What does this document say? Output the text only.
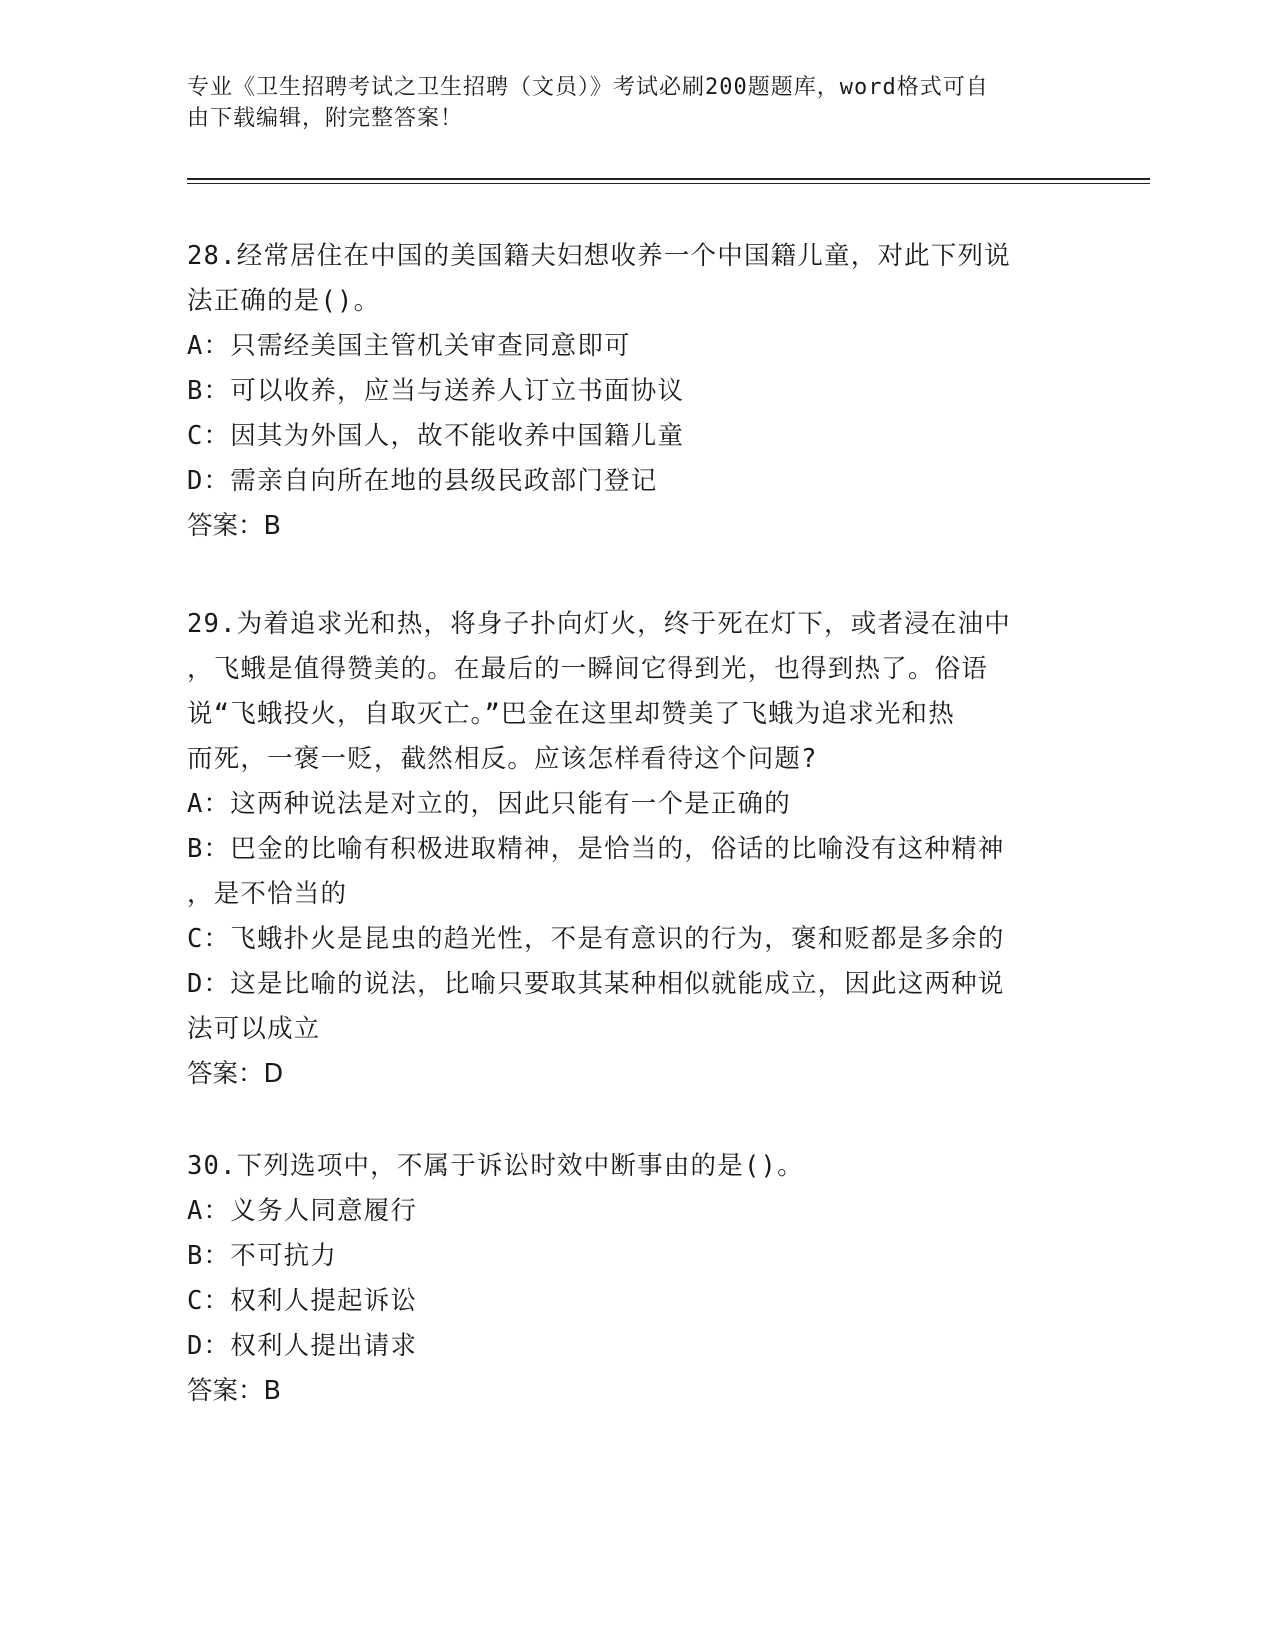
专业《卫生招聘考试之卫生招聘（文员）》考试必刷200题题库，word格式可自
由下载编辑，附完整答案！
28.经常居住在中国的美国籍夫妇想收养一个中国籍儿童，对此下列说
法正确的是()。
A：只需经美国主管机关审查同意即可
B：可以收养，应当与送养人订立书面协议
C：因其为外国人，故不能收养中国籍儿童
D：需亲自向所在地的县级民政部门登记
答案：B
29.为着追求光和热，将身子扑向灯火，终于死在灯下，或者浸在油中
，飞蛾是值得赞美的。在最后的一瞬间它得到光，也得到热了。俗语
说“飞蛾投火，自取灭亡。”巴金在这里却赞美了飞蛾为追求光和热
而死，一褒一贬，截然相反。应该怎样看待这个问题?
A：这两种说法是对立的，因此只能有一个是正确的
B：巴金的比喻有积极进取精神，是恰当的，俗话的比喻没有这种精神
，是不恰当的
C：飞蛾扑火是昆虫的趋光性，不是有意识的行为，褒和贬都是多余的
D：这是比喻的说法，比喻只要取其某种相似就能成立，因此这两种说
法可以成立
答案：D
30.下列选项中，不属于诉讼时效中断事由的是()。
A：义务人同意履行
B：不可抗力
C：权利人提起诉讼
D：权利人提出请求
答案：B
